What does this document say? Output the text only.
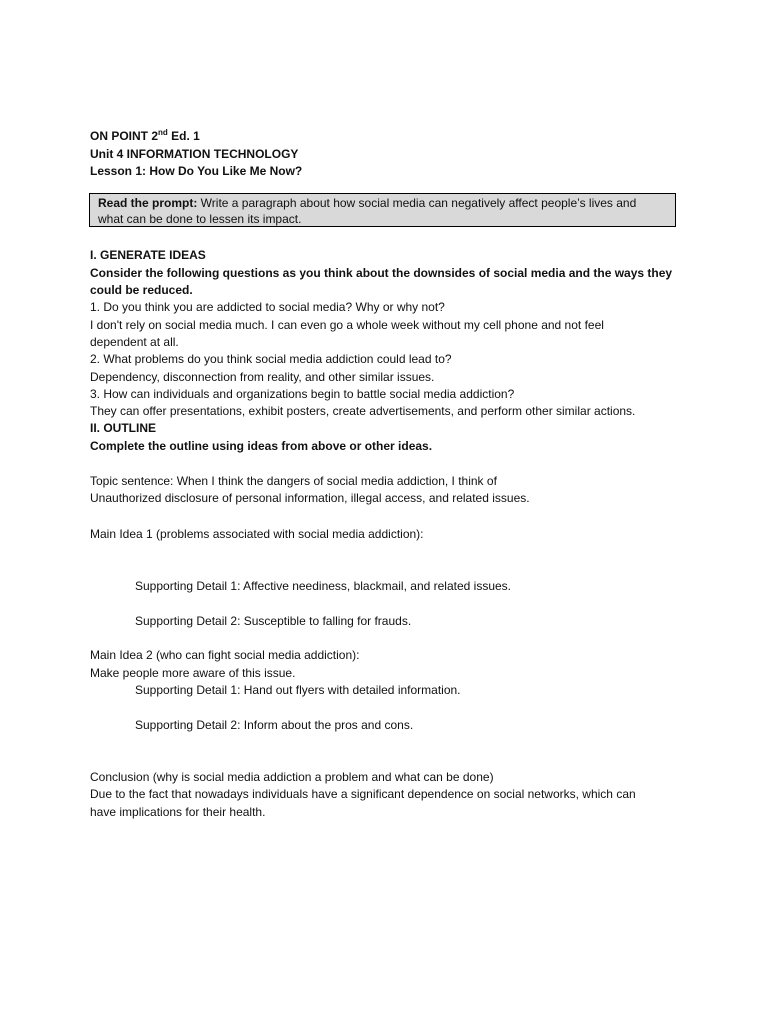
ON POINT 2nd Ed. 1

Unit 4 INFORMATION TECHNOLOGY

Lesson 1: How Do You Like Me Now?

Read the prompt: Write a paragraph about how social media can negatively affect people’s lives and

what can be done to lessen its impact.

I. GENERATE IDEAS

Consider the following questions as you think about the downsides of social media and the ways they

could be reduced.

1. Do you think you are addicted to social media? Why or why not?

I don't rely on social media much. I can even go a whole week without my cell phone and not feel

dependent at all.

2. What problems do you think social media addiction could lead to?

Dependency, disconnection from reality, and other similar issues.

3. How can individuals and organizations begin to battle social media addiction?

They can offer presentations, exhibit posters, create advertisements, and perform other similar actions.

II. OUTLINE

Complete the outline using ideas from above or other ideas.

Topic sentence: When I think the dangers of social media addiction, I think of

Unauthorized disclosure of personal information, illegal access, and related issues.

Main Idea 1 (problems associated with social media addiction):

Supporting Detail 1: Affective neediness, blackmail, and related issues.

Supporting Detail 2: Susceptible to falling for frauds.

Main Idea 2 (who can fight social media addiction):

Make people more aware of this issue.

Supporting Detail 1: Hand out flyers with detailed information.

Supporting Detail 2: Inform about the pros and cons.

Conclusion (why is social media addiction a problem and what can be done)

Due to the fact that nowadays individuals have a significant dependence on social networks, which can

have implications for their health.
